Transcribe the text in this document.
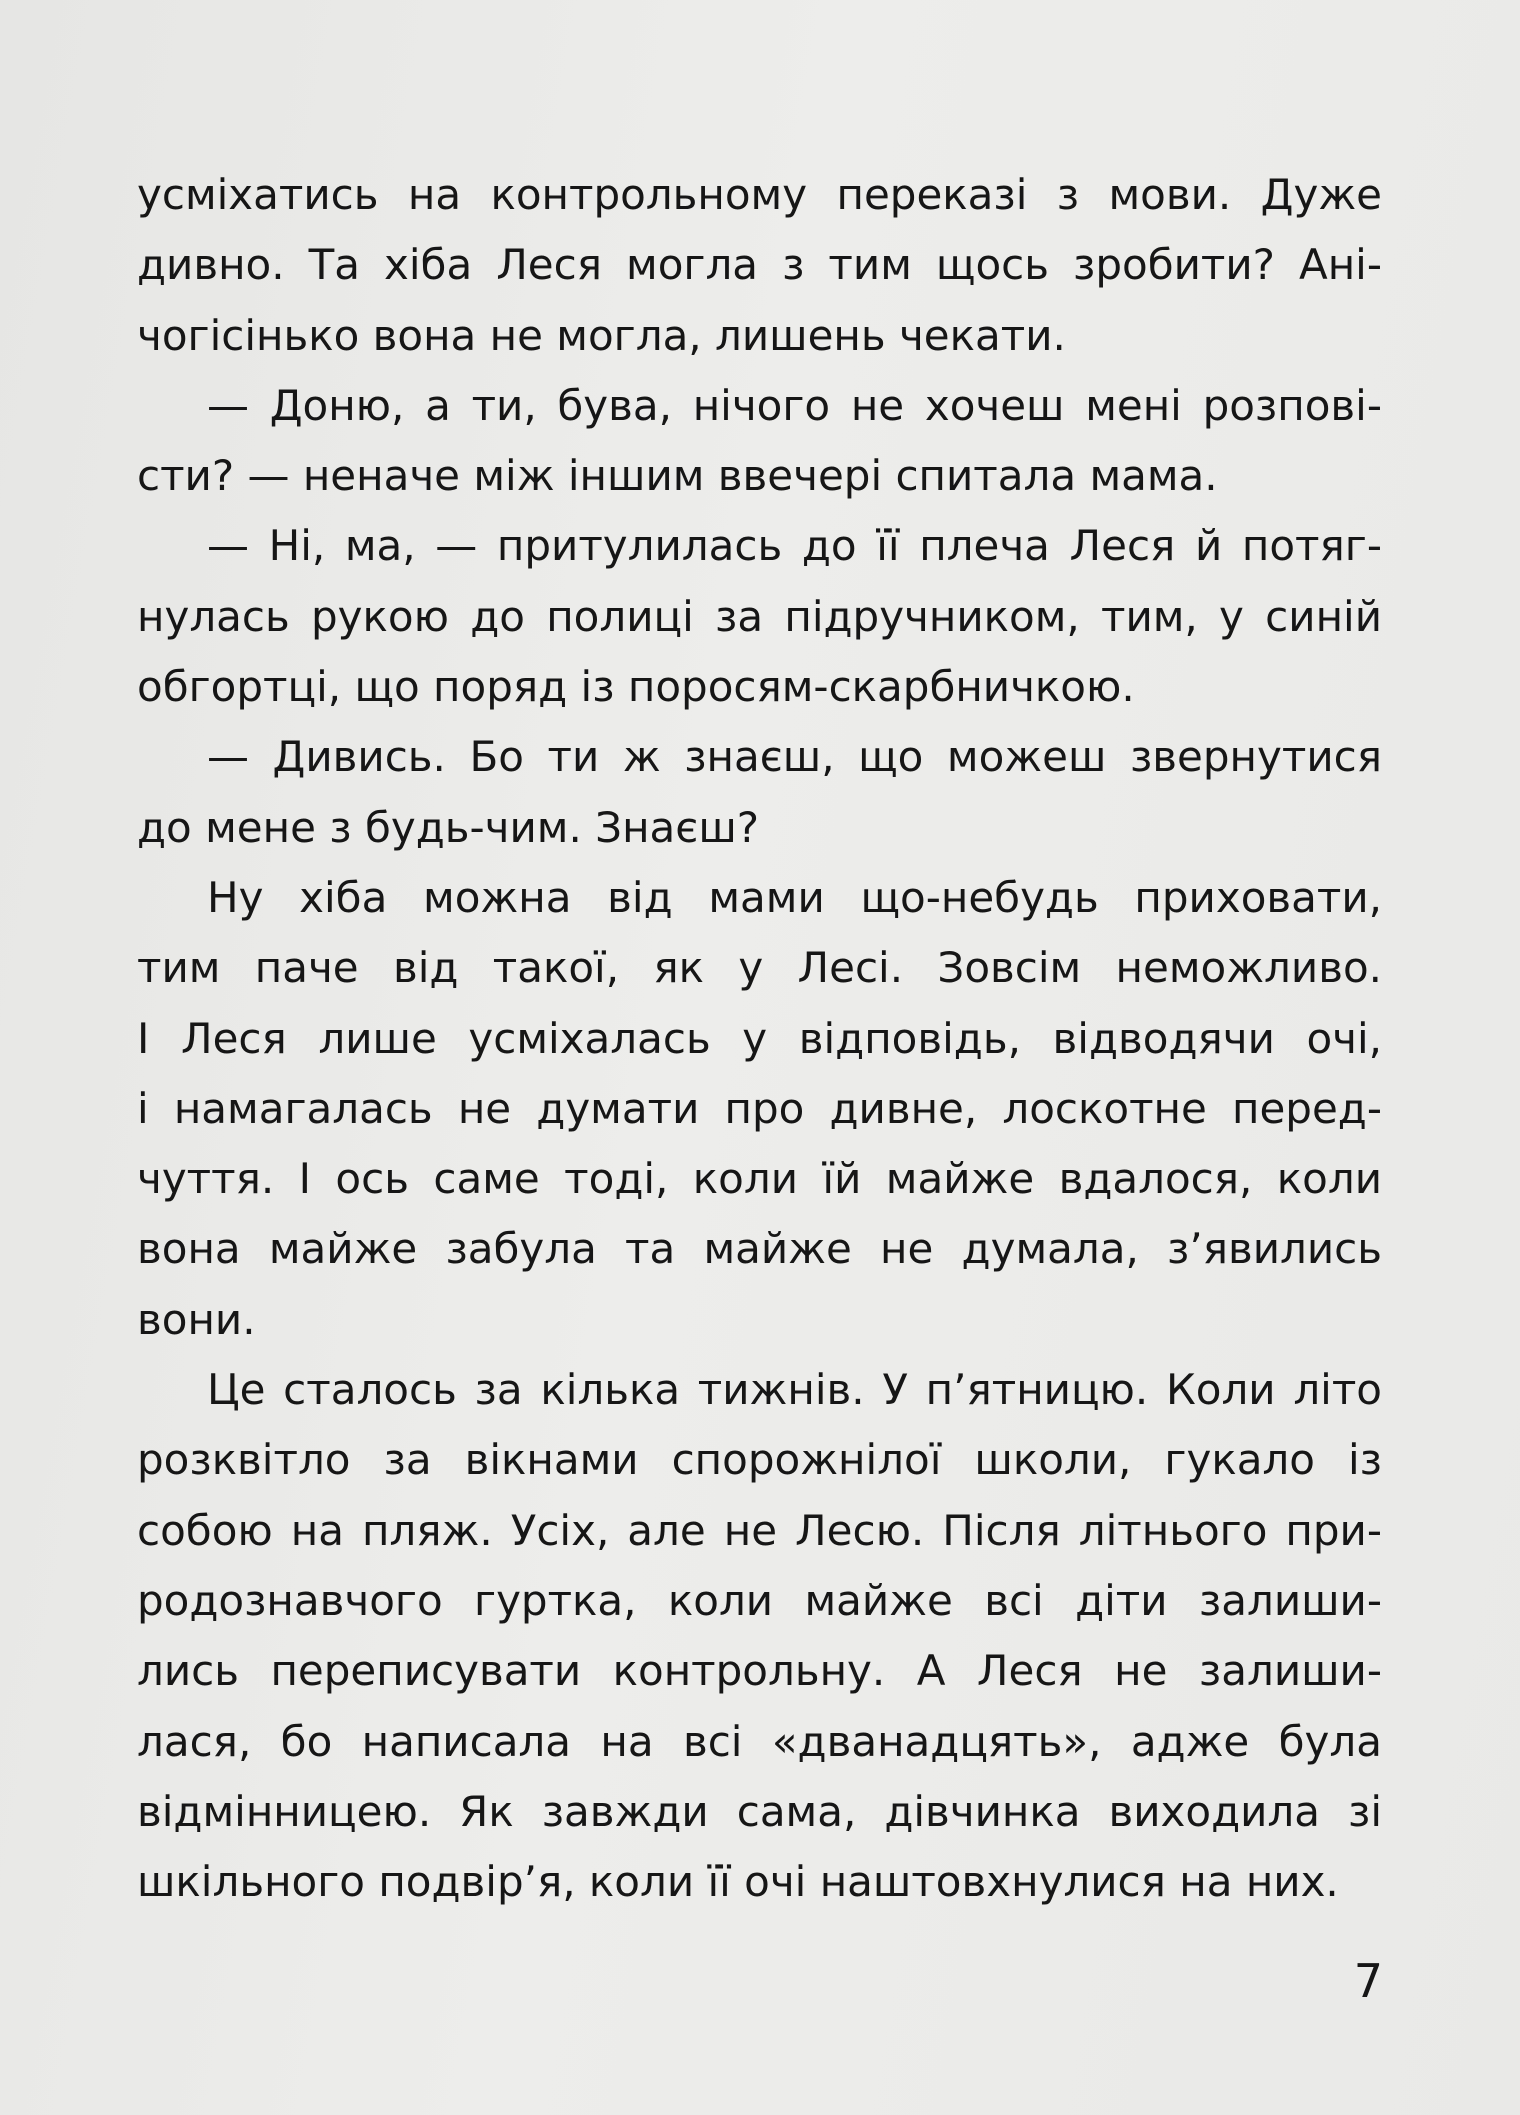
усміхатись на контрольному переказі з мови. Дуже
дивно. Та хіба Леся могла з тим щось зробити? Ані-
чогісінько вона не могла, лишень чекати.
— Доню, а ти, бува, нічого не хочеш мені розпові-
сти? — неначе між іншим ввечері спитала мама.
— Ні, ма, — притулилась до її плеча Леся й потяг-
нулась рукою до полиці за підручником, тим, у синій
обгортці, що поряд із поросям-скарбничкою.
— Дивись. Бо ти ж знаєш, що можеш звернутися
до мене з будь-чим. Знаєш?
Ну хіба можна від мами що-небудь приховати,
тим паче від такої, як у Лесі. Зовсім неможливо.
І Леся лише усміхалась у відповідь, відводячи очі,
і намагалась не думати про дивне, лоскотне перед-
чуття. І ось саме тоді, коли їй майже вдалося, коли
вона майже забула та майже не думала, з’явились
вони.
Це сталось за кілька тижнів. У п’ятницю. Коли літо
розквітло за вікнами спорожнілої школи, гукало із
собою на пляж. Усіх, але не Лесю. Після літнього при-
родознавчого гуртка, коли майже всі діти залиши-
лись переписувати контрольну. А Леся не залиши-
лася, бо написала на всі «дванадцять», адже була
відмінницею. Як завжди сама, дівчинка виходила зі
шкільного подвір’я, коли її очі наштовхнулися на них.
7
